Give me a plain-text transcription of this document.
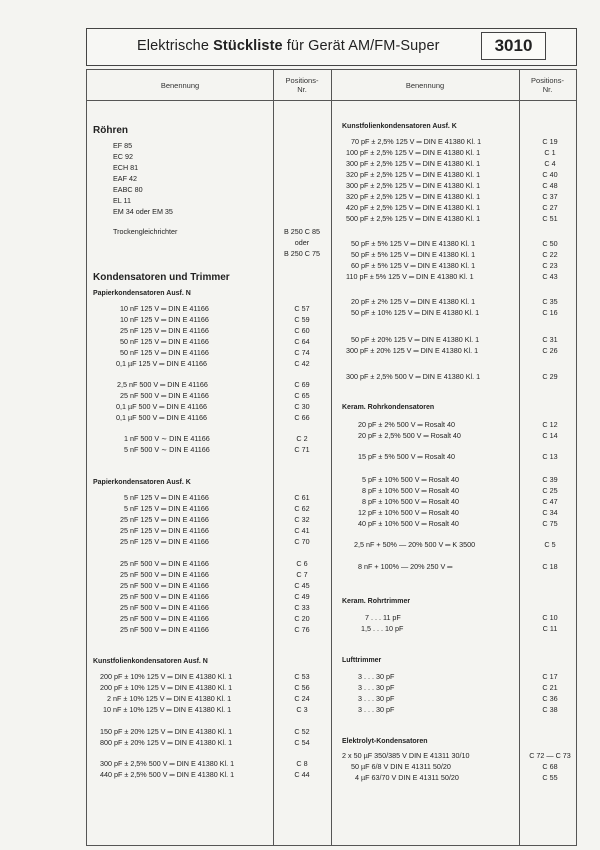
Elektrische Stückliste für Gerät AM/FM-Super	3010
Benennung
Positions-
Nr.	Benennung
Positions-
Nr.
Röhren
EF 85
EC 92
ECH 81
EAF 42
EABC 80
EL 11
EM 34 oder EM 35
Trockengleichrichter	B 250 C 85
oder
B 250 C 75
Kondensatoren und Trimmer
Papierkondensatoren Ausf. N
10 nF 125 V ═ DIN E 41166	C 57
10 nF 125 V ═ DIN E 41166	C 59
25 nF 125 V ═ DIN E 41166	C 60
50 nF 125 V ═ DIN E 41166	C 64
50 nF 125 V ═ DIN E 41166	C 74
0,1 µF 125 V ═ DIN E 41166	C 42
2,5 nF 500 V ═ DIN E 41166	C 69
25 nF 500 V ═ DIN E 41166	C 65
0,1 µF 500 V ═ DIN E 41166	C 30
0,1 µF 500 V ═ DIN E 41166	C 66
1 nF 500 V ∼ DIN E 41166	C 2
5 nF 500 V ∼ DIN E 41166	C 71
Papierkondensatoren Ausf. K
5 nF 125 V ═ DIN E 41166	C 61
5 nF 125 V ═ DIN E 41166	C 62
25 nF 125 V ═ DIN E 41166	C 32
25 nF 125 V ═ DIN E 41166	C 41
25 nF 125 V ═ DIN E 41166	C 70
25 nF 500 V ═ DIN E 41166	C 6
25 nF 500 V ═ DIN E 41166	C 7
25 nF 500 V ═ DIN E 41166	C 45
25 nF 500 V ═ DIN E 41166	C 49
25 nF 500 V ═ DIN E 41166	C 33
25 nF 500 V ═ DIN E 41166	C 20
25 nF 500 V ═ DIN E 41166	C 76
Kunstfolienkondensatoren Ausf. N
200 pF ± 10% 125 V ═ DIN E 41380 Kl. 1	C 53
200 pF ± 10% 125 V ═ DIN E 41380 Kl. 1	C 56
2 nF ± 10% 125 V ═ DIN E 41380 Kl. 1	C 24
10 nF ± 10% 125 V ═ DIN E 41380 Kl. 1	C 3
150 pF ± 20% 125 V ═ DIN E 41380 Kl. 1	C 52
800 pF ± 20% 125 V ═ DIN E 41380 Kl. 1	C 54
300 pF ± 2,5% 500 V ═ DIN E 41380 Kl. 1	C 8
440 pF ± 2,5% 500 V ═ DIN E 41380 Kl. 1	C 44
Kunstfolienkondensatoren Ausf. K
70 pF ± 2,5% 125 V ═ DIN E 41380 Kl. 1	C 19
100 pF ± 2,5% 125 V ═ DIN E 41380 Kl. 1	C 1
300 pF ± 2,5% 125 V ═ DIN E 41380 Kl. 1	C 4
320 pF ± 2,5% 125 V ═ DIN E 41380 Kl. 1	C 40
300 pF ± 2,5% 125 V ═ DIN E 41380 Kl. 1	C 48
320 pF ± 2,5% 125 V ═ DIN E 41380 Kl. 1	C 37
420 pF ± 2,5% 125 V ═ DIN E 41380 Kl. 1	C 27
500 pF ± 2,5% 125 V ═ DIN E 41380 Kl. 1	C 51
50 pF ± 5% 125 V ═ DIN E 41380 Kl. 1	C 50
50 pF ± 5% 125 V ═ DIN E 41380 Kl. 1	C 22
60 pF ± 5% 125 V ═ DIN E 41380 Kl. 1	C 23
110 pF ± 5% 125 V ═ DIN E 41380 Kl. 1	C 43
20 pF ± 2% 125 V ═ DIN E 41380 Kl. 1	C 35
50 pF ± 10% 125 V ═ DIN E 41380 Kl. 1	C 16
50 pF ± 20% 125 V ═ DIN E 41380 Kl. 1	C 31
300 pF ± 20% 125 V ═ DIN E 41380 Kl. 1	C 26
300 pF ± 2,5% 500 V ═ DIN E 41380 Kl. 1	C 29
Keram. Rohrkondensatoren
20 pF ± 2% 500 V ═ Rosalt 40	C 12
20 pF ± 2,5% 500 V ═ Rosalt 40	C 14
15 pF ± 5% 500 V ═ Rosalt 40	C 13
5 pF ± 10% 500 V ═ Rosalt 40	C 39
8 pF ± 10% 500 V ═ Rosalt 40	C 25
8 pF ± 10% 500 V ═ Rosalt 40	C 47
12 pF ± 10% 500 V ═ Rosalt 40	C 34
40 pF ± 10% 500 V ═ Rosalt 40	C 75
2,5 nF + 50% — 20% 500 V ═ K 3500	C 5
8 nF + 100% — 20% 250 V ═	C 18
Keram. Rohrtrimmer
7 . . . 11 pF	C 10
1,5 . . . 10 pF	C 11
Lufttrimmer
3 . . . 30 pF	C 17
3 . . . 30 pF	C 21
3 . . . 30 pF	C 36
3 . . . 30 pF	C 38
Elektrolyt-Kondensatoren
2 x 50 µF 350/385 V DIN E 41311 30/10	C 72 — C 73
50 µF 6/8 V DIN E 41311 50/20	C 68
4 µF 63/70 V DIN E 41311 50/20	C 55
